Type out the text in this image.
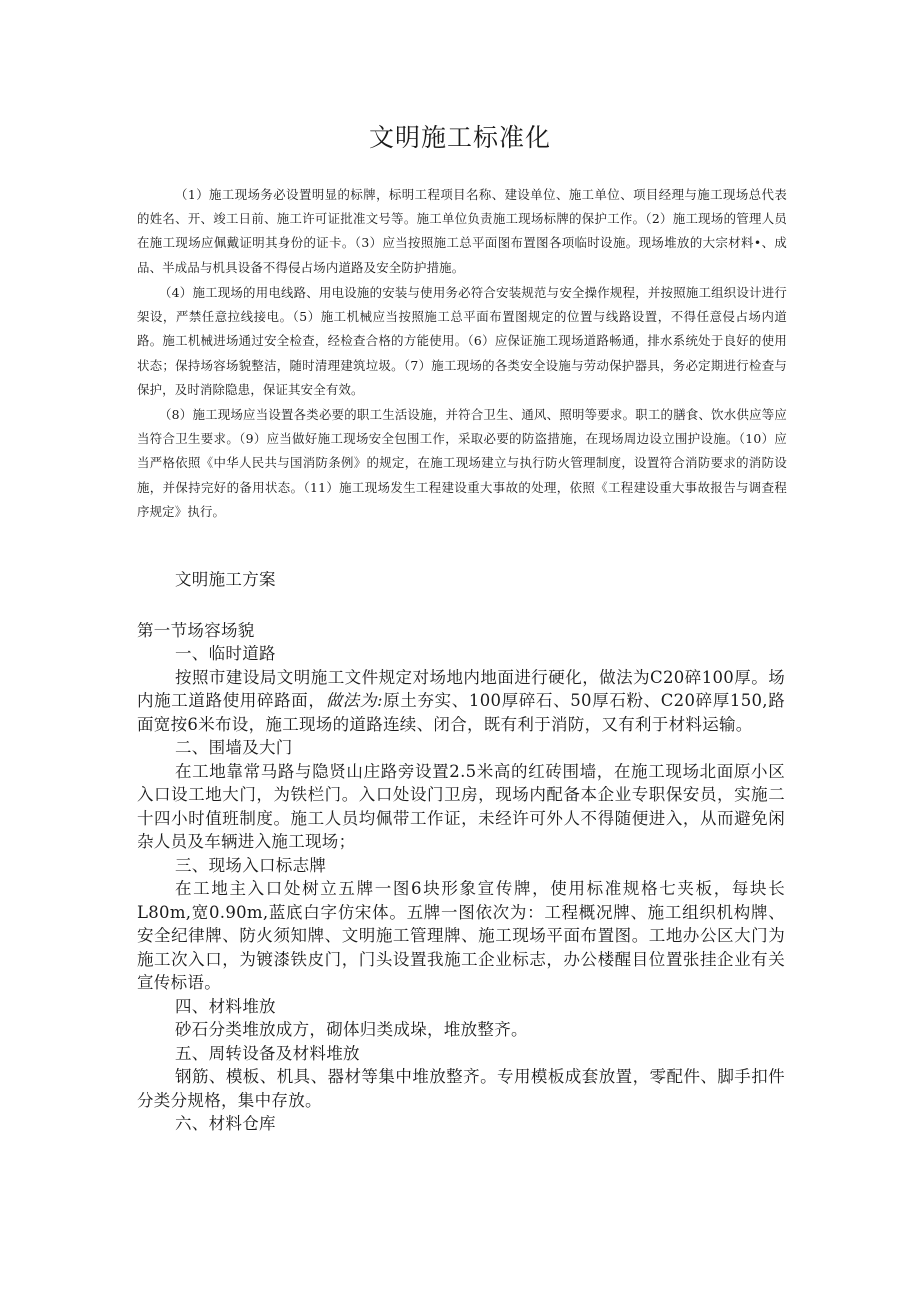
文明施工标准化
（1）施工现场务必设置明显的标牌，标明工程项目名称、建设单位、施工单位、项目经理与施工现场总代表的姓名、开、竣工日前、施工许可证批准文号等。施工单位负责施工现场标牌的保护工作。（2）施工现场的管理人员在施工现场应佩戴证明其身份的证卡。（3）应当按照施工总平面图布置图各项临时设施。现场堆放的大宗材料•、成品、半成品与机具设备不得侵占场内道路及安全防护措施。
（4）施工现场的用电线路、用电设施的安装与使用务必符合安装规范与安全操作规程，并按照施工组织设计进行架设，严禁任意拉线接电。（5）施工机械应当按照施工总平面布置图规定的位置与线路设置，不得任意侵占场内道路。施工机械进场通过安全检查，经检查合格的方能使用。（6）应保证施工现场道路畅通，排水系统处于良好的使用状态；保持场容场貌整洁，随时清理建筑垃圾。（7）施工现场的各类安全设施与劳动保护器具，务必定期进行检查与保护，及时消除隐患，保证其安全有效。
（8）施工现场应当设置各类必要的职工生活设施，并符合卫生、通风、照明等要求。职工的膳食、饮水供应等应当符合卫生要求。（9）应当做好施工现场安全包围工作，采取必要的防盗措施，在现场周边设立围护设施。（10）应当严格依照《中华人民共与国消防条例》的规定，在施工现场建立与执行防火管理制度，设置符合消防要求的消防设施，并保持完好的备用状态。（11）施工现场发生工程建设重大事故的处理，依照《工程建设重大事故报告与调查程序规定》执行。
文明施工方案
第一节场容场貌
一、临时道路
按照市建设局文明施工文件规定对场地内地面进行硬化，做法为C20碎100厚。场内施工道路使用碎路面，做法为:原土夯实、100厚碎石、50厚石粉、C20碎厚150,路面宽按6米布设，施工现场的道路连续、闭合，既有利于消防，又有利于材料运输。
二、围墙及大门
在工地靠常马路与隐贤山庄路旁设置2.5米高的红砖围墙，在施工现场北面原小区入口设工地大门，为铁栏门。入口处设门卫房，现场内配备本企业专职保安员，实施二十四小时值班制度。施工人员均佩带工作证，未经许可外人不得随便进入，从而避免闲杂人员及车辆进入施工现场；
三、现场入口标志牌
在工地主入口处树立五牌一图6块形象宣传牌，使用标准规格七夹板，每块长L80m,宽0.90m,蓝底白字仿宋体。五牌一图依次为：工程概况牌、施工组织机构牌、安全纪律牌、防火须知牌、文明施工管理牌、施工现场平面布置图。工地办公区大门为施工次入口，为镀漆铁皮门，门头设置我施工企业标志，办公楼醒目位置张挂企业有关宣传标语。
四、材料堆放
砂石分类堆放成方，砌体归类成垛，堆放整齐。
五、周转设备及材料堆放
钢筋、模板、机具、器材等集中堆放整齐。专用模板成套放置，零配件、脚手扣件分类分规格，集中存放。
六、材料仓库
